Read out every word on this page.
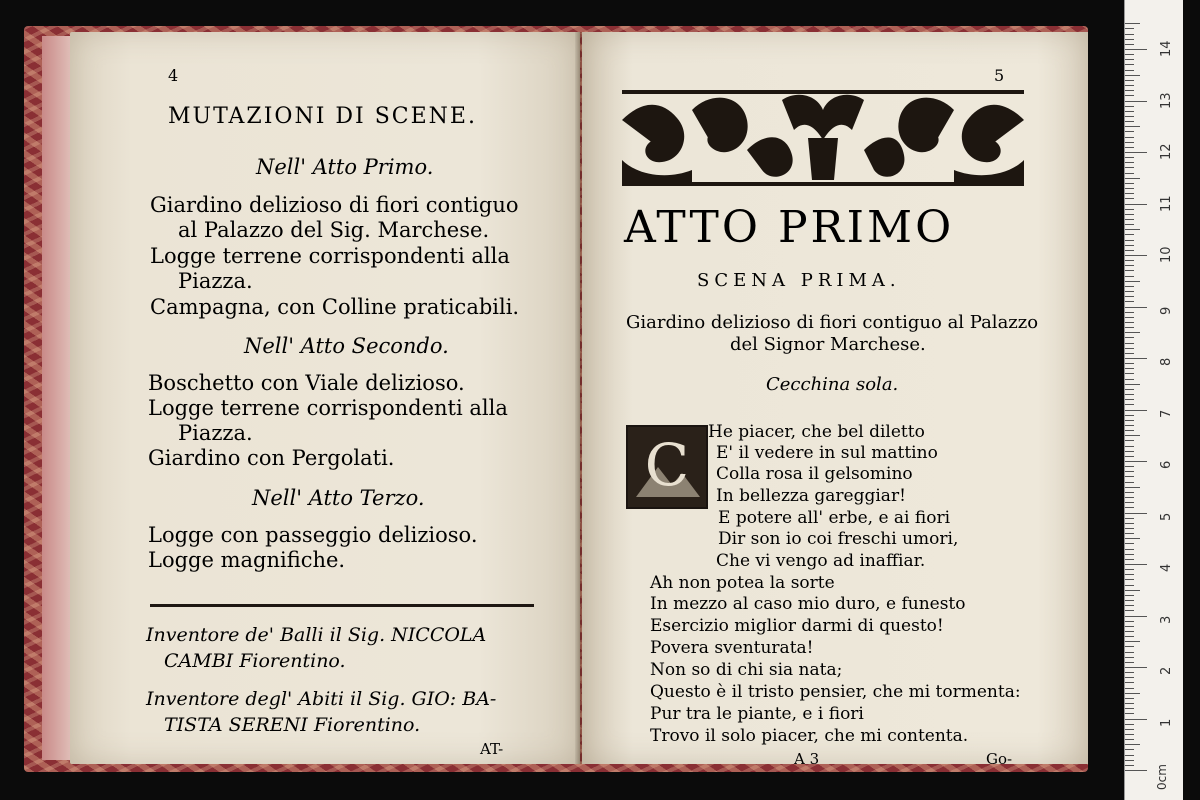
4
MUTAZIONI DI SCENE.
Nell' Atto Primo.
Giardino delizioso di fiori contiguo
al Palazzo del Sig. Marchese.
Logge terrene corrispondenti alla
Piazza.
Campagna, con Colline praticabili.
Nell' Atto Secondo.
Boschetto con Viale delizioso.
Logge terrene corrispondenti alla
Piazza.
Giardino con Pergolati.
Nell' Atto Terzo.
Logge con passeggio delizioso.
Logge magnifiche.
Inventore de' Balli il Sig. NICCOLA
CAMBI Fiorentino.
Inventore degl' Abiti il Sig. GIO: BA-
TISTA SERENI Fiorentino.
AT-
5
ATTO PRIMO
SCENA PRIMA.
Giardino delizioso di fiori contiguo al Palazzo
del Signor Marchese.
Cecchina sola.
C He piacer, che bel diletto
E' il vedere in sul mattino
Colla rosa il gelsomino
In bellezza gareggiar!
E potere all' erbe, e ai fiori
Dir son io coi freschi umori,
Che vi vengo ad inaffiar.
Ah non potea la sorte
In mezzo al caso mio duro, e funesto
Esercizio miglior darmi di questo!
Povera sventurata!
Non so di chi sia nata;
Questo è il tristo pensier, che mi tormenta:
Pur tra le piante, e i fiori
Trovo il solo piacer, che mi contenta.
A 3	Go-
0cm
1
2
3
4
5
6
7
8
9
10
11
12
13
14
